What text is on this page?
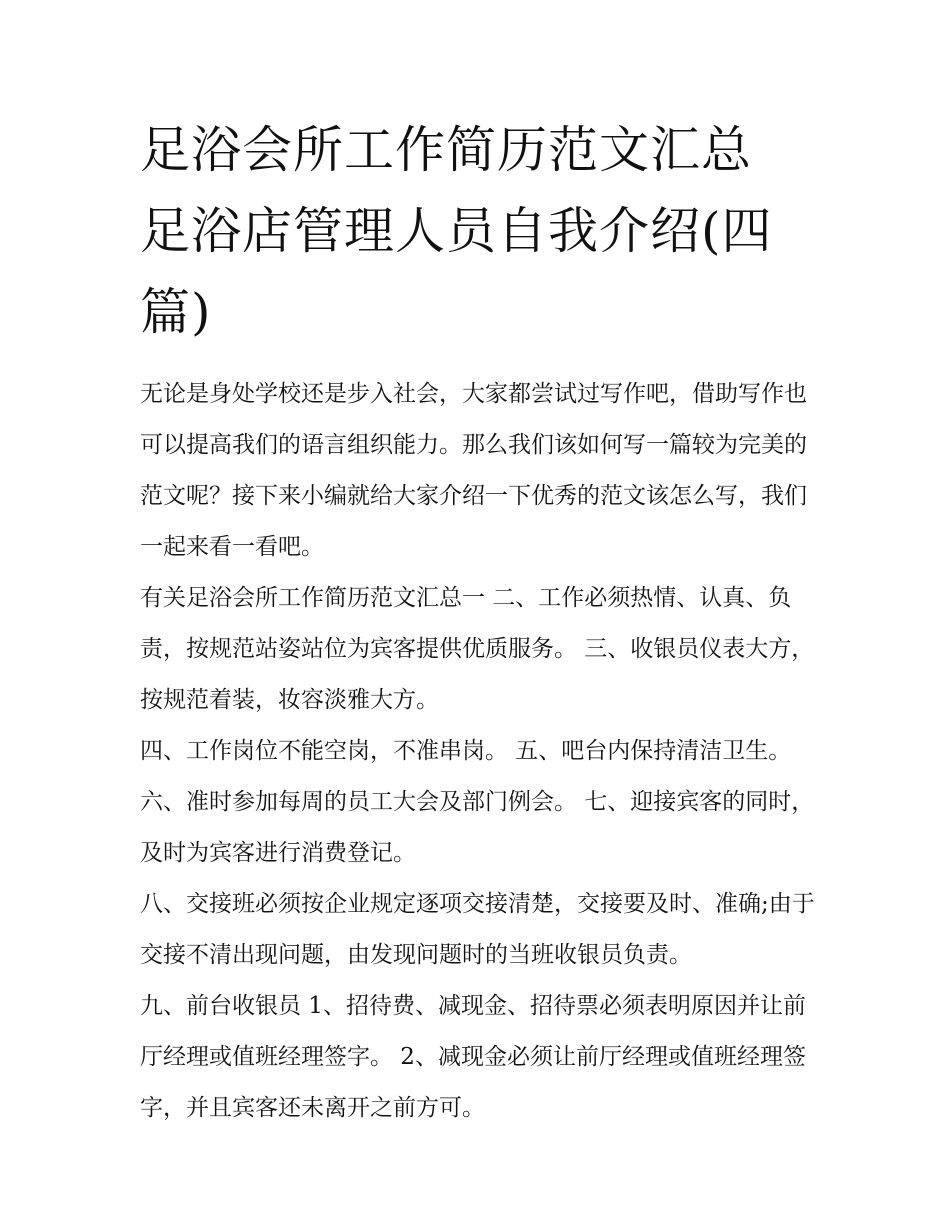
足浴会所工作简历范文汇总 足浴店管理人员自我介绍(四篇)

无论是身处学校还是步入社会，大家都尝试过写作吧，借助写作也可以提高我们的语言组织能力。那么我们该如何写一篇较为完美的范文呢？接下来小编就给大家介绍一下优秀的范文该怎么写，我们一起来看一看吧。

有关足浴会所工作简历范文汇总一 二、工作必须热情、认真、负责，按规范站姿站位为宾客提供优质服务。 三、收银员仪表大方，按规范着装，妆容淡雅大方。

四、工作岗位不能空岗，不准串岗。 五、吧台内保持清洁卫生。 六、准时参加每周的员工大会及部门例会。 七、迎接宾客的同时，及时为宾客进行消费登记。

八、交接班必须按企业规定逐项交接清楚，交接要及时、准确;由于交接不清出现问题，由发现问题时的当班收银员负责。

九、前台收银员 1、招待费、减现金、招待票必须表明原因并让前厅经理或值班经理签字。 2、减现金必须让前厅经理或值班经理签字，并且宾客还未离开之前方可。
